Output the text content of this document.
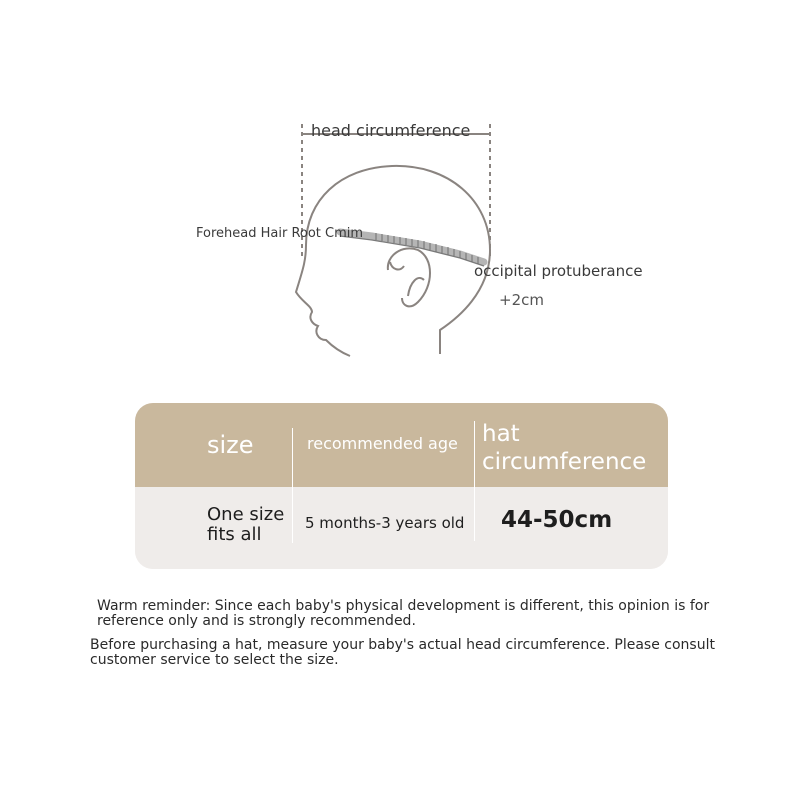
head circumference
Forehead Hair Root Cmim
occipital protuberance
+2cm
size	recommended age hat circumference
One size fits all
5 months-3 years old 44-50cm
Warm reminder: Since each baby's physical development is different, this opinion is for reference only and is strongly recommended.
Before purchasing a hat, measure your baby's actual head circumference. Please consult customer service to select the size.
